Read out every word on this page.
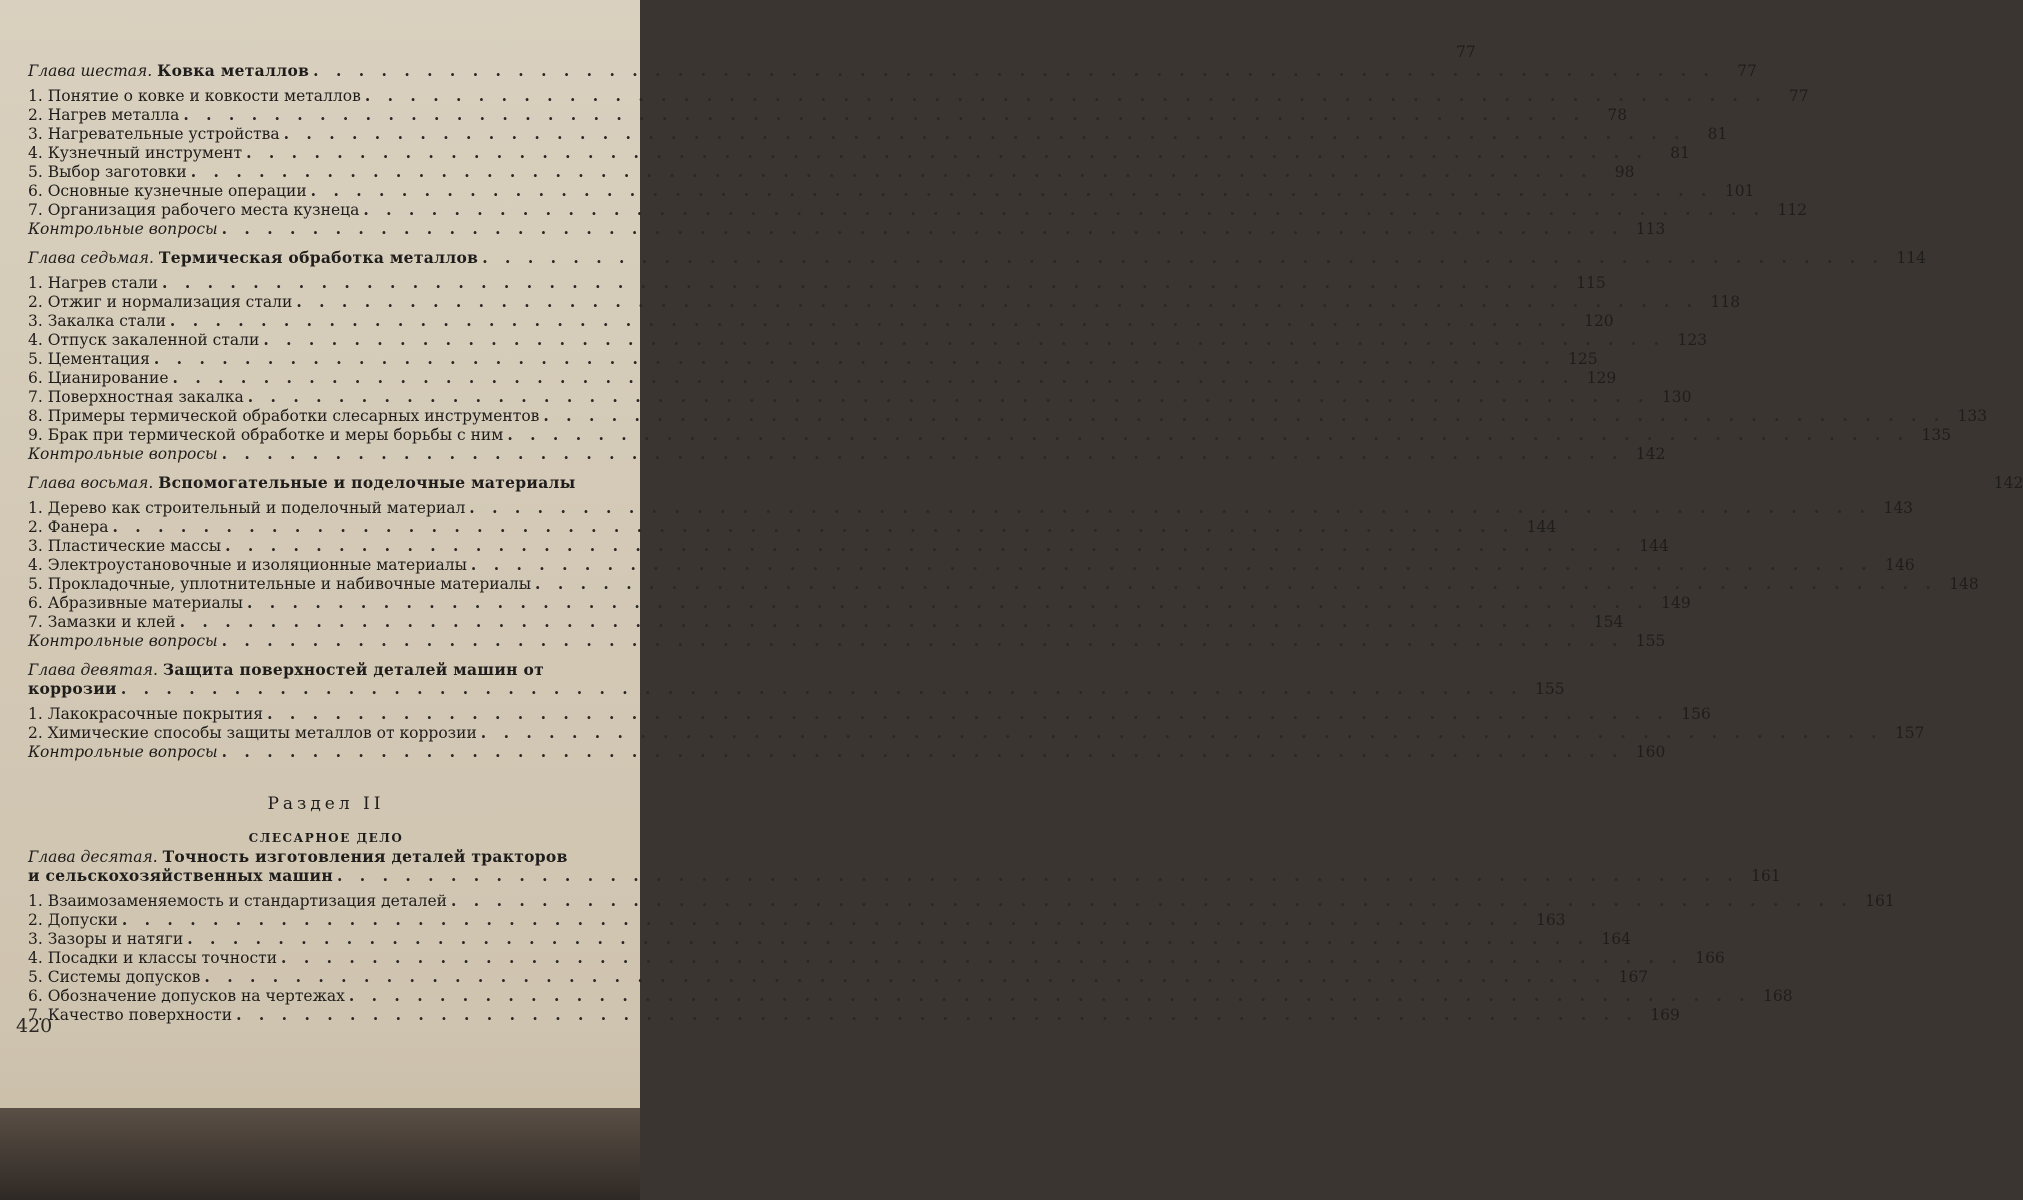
77
Глава шестая. Ковка металлов . . .	77
1. Понятие о ковке и ковкости металлов . . .	77
2. Нагрев металла . . .	78
3. Нагревательные устройства . . .	81
4. Кузнечный инструмент . . .	81
5. Выбор заготовки . . .	98
6. Основные кузнечные операции . . .	101
7. Организация рабочего места кузнеца . . .	112
Контрольные вопросы . . .	113
Глава седьмая. Термическая обработка металлов . . .	114
1. Нагрев стали . . .	115
2. Отжиг и нормализация стали . . .	118
3. Закалка стали . . .	120
4. Отпуск закаленной стали . . .	123
5. Цементация . . .	125
6. Цианирование . . .	129
7. Поверхностная закалка . . .	130
8. Примеры термической обработки слесарных инструментов . . .	133
9. Брак при термической обработке и меры борьбы с ним . . .	135
Контрольные вопросы . . .	142
Глава восьмая. Вспомогательные и поделочные материалы	142
1. Дерево как строительный и поделочный материал . . .	143
2. Фанера . . .	144
3. Пластические массы . . .	144
4. Электроустановочные и изоляционные материалы . . .	146
5. Прокладочные, уплотнительные и набивочные материалы . . .	148
6. Абразивные материалы . . .	149
7. Замазки и клей . . .	154
Контрольные вопросы . . .	155
Глава девятая. Защита поверхностей деталей машин от
коррозии . . .	155
1. Лакокрасочные покрытия . . .	156
2. Химические способы защиты металлов от коррозии . . .	157
Контрольные вопросы . . .	160
Раздел II
СЛЕСАРНОЕ ДЕЛО
Глава десятая. Точность изготовления деталей тракторов
и сельскохозяйственных машин . . .	161
1. Взаимозаменяемость и стандартизация деталей . . .	161
2. Допуски . . .	163
3. Зазоры и натяги . . .	164
4. Посадки и классы точности . . .	166
5. Системы допусков . . .	167
6. Обозначение допусков на чертежах . . .	168
7. Качество поверхности . . .	169
420
